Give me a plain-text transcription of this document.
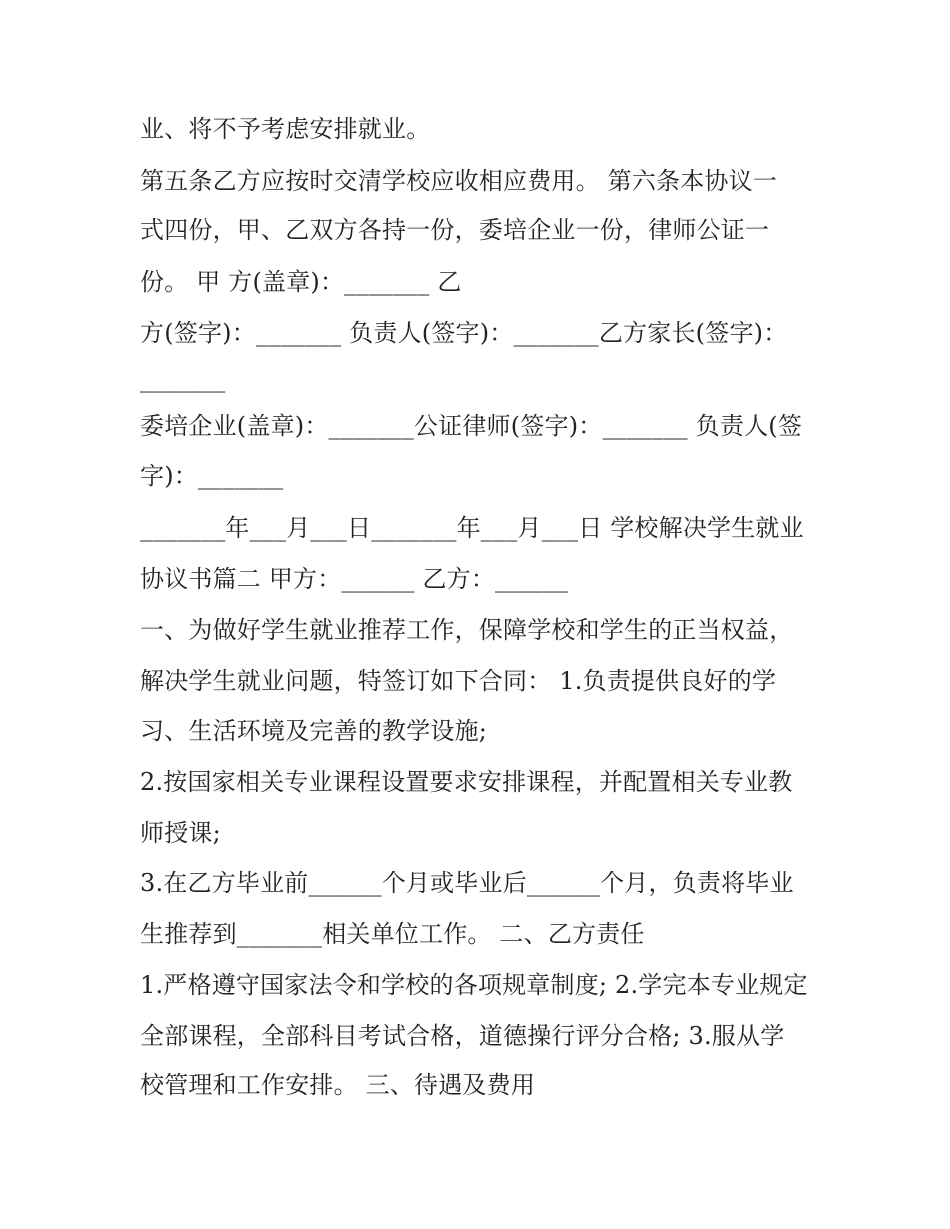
业、将不予考虑安排就业。
第五条乙方应按时交清学校应收相应费用。 第六条本协议一
式四份，甲、乙双方各持一份，委培企业一份，律师公证一
份。 甲 方(盖章)：_______ 乙
方(签字)：_______ 负责人(签字)：_______乙方家长(签字)：
_______
委培企业(盖章)：_______公证律师(签字)：_______ 负责人(签
字)：_______
_______年___月___日_______年___月___日 学校解决学生就业
协议书篇二 甲方：______ 乙方：______
一、为做好学生就业推荐工作，保障学校和学生的正当权益，
解决学生就业问题，特签订如下合同： 1.负责提供良好的学
习、生活环境及完善的教学设施;
2.按国家相关专业课程设置要求安排课程，并配置相关专业教
师授课;
3.在乙方毕业前______个月或毕业后______个月，负责将毕业
生推荐到_______相关单位工作。 二、乙方责任
1.严格遵守国家法令和学校的各项规章制度; 2.学完本专业规定
全部课程，全部科目考试合格，道德操行评分合格; 3.服从学
校管理和工作安排。 三、待遇及费用
